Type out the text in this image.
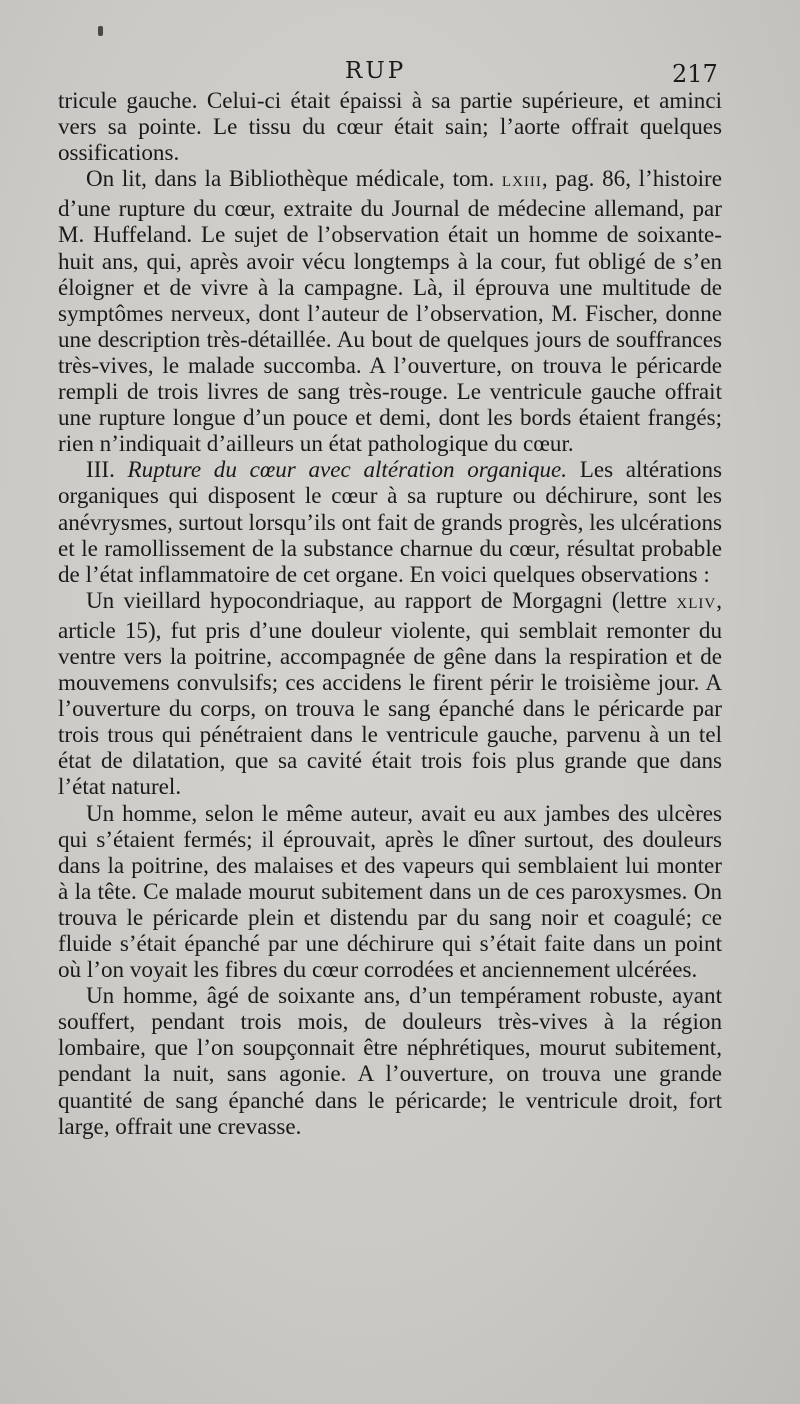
RUP	217

tricule gauche. Celui-ci était épaissi à sa partie supérieure, et aminci vers sa pointe. Le tissu du cœur était sain; l’aorte offrait quelques ossifications.

On lit, dans la Bibliothèque médicale, tom. LXIII, pag. 86, l’histoire d’une rupture du cœur, extraite du Journal de médecine allemand, par M. Huffeland. Le sujet de l’observation était un homme de soixante-huit ans, qui, après avoir vécu longtemps à la cour, fut obligé de s’en éloigner et de vivre à la campagne. Là, il éprouva une multitude de symptômes nerveux, dont l’auteur de l’observation, M. Fischer, donne une description très-détaillée. Au bout de quelques jours de souffrances très-vives, le malade succomba. A l’ouverture, on trouva le péricarde rempli de trois livres de sang très-rouge. Le ventricule gauche offrait une rupture longue d’un pouce et demi, dont les bords étaient frangés; rien n’indiquait d’ailleurs un état pathologique du cœur.

III. Rupture du cœur avec altération organique. Les altérations organiques qui disposent le cœur à sa rupture ou déchirure, sont les anévrysmes, surtout lorsqu’ils ont fait de grands progrès, les ulcérations et le ramollissement de la substance charnue du cœur, résultat probable de l’état inflammatoire de cet organe. En voici quelques observations :

Un vieillard hypocondriaque, au rapport de Morgagni (lettre XLIV, article 15), fut pris d’une douleur violente, qui semblait remonter du ventre vers la poitrine, accompagnée de gêne dans la respiration et de mouvemens convulsifs; ces accidens le firent périr le troisième jour. A l’ouverture du corps, on trouva le sang épanché dans le péricarde par trois trous qui pénétraient dans le ventricule gauche, parvenu à un tel état de dilatation, que sa cavité était trois fois plus grande que dans l’état naturel.

Un homme, selon le même auteur, avait eu aux jambes des ulcères qui s’étaient fermés; il éprouvait, après le dîner surtout, des douleurs dans la poitrine, des malaises et des vapeurs qui semblaient lui monter à la tête. Ce malade mourut subitement dans un de ces paroxysmes. On trouva le péricarde plein et distendu par du sang noir et coagulé; ce fluide s’était épanché par une déchirure qui s’était faite dans un point où l’on voyait les fibres du cœur corrodées et anciennement ulcérées.

Un homme, âgé de soixante ans, d’un tempérament robuste, ayant souffert, pendant trois mois, de douleurs très-vives à la région lombaire, que l’on soupçonnait être néphrétiques, mourut subitement, pendant la nuit, sans agonie. A l’ouverture, on trouva une grande quantité de sang épanché dans le péricarde; le ventricule droit, fort large, offrait une crevasse.
